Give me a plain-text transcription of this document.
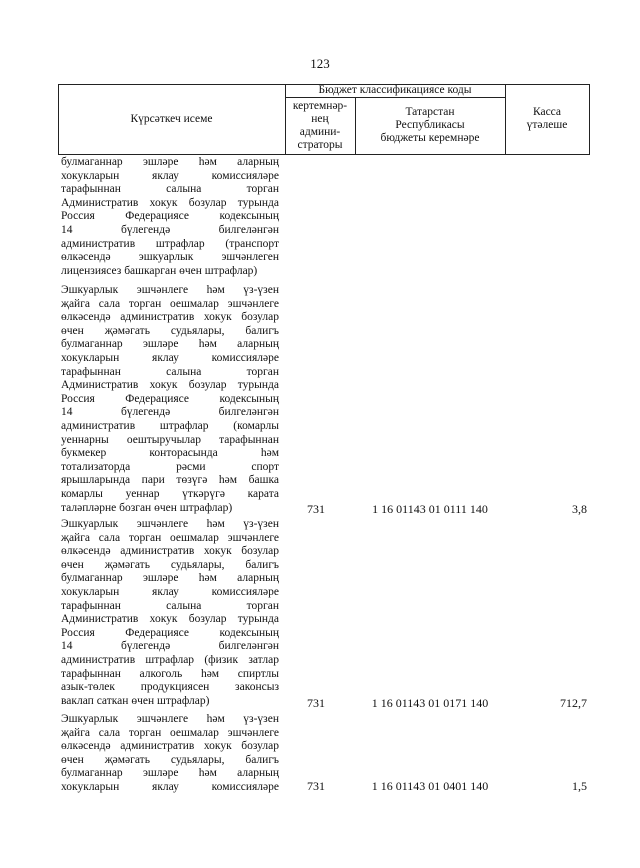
123
Күрсәткеч исеме
Бюджет классификациясе коды
кертемнәр-
нең
админи-
страторы
Татарстан
Республикасы
бюджеты керемнәре
Касса
үтәлеше
булмаганнар эшләре һәм аларның
хокукларын яклау комиссияләре
тарафыннан салына торган
Административ хокук бозулар турында
Россия Федерациясе кодексының
14 бүлегендә билгеләнгән
административ штрафлар (транспорт
өлкәсендә эшкуарлык эшчәнлеген
лицензиясез башкарган өчен штрафлар)
Эшкуарлык эшчәнлеге һәм үз-үзен
җайга сала торган оешмалар эшчәнлеге
өлкәсендә административ хокук бозулар
өчен җәмәгать судьялары, балигъ
булмаганнар эшләре һәм аларның
хокукларын яклау комиссияләре
тарафыннан салына торган
Административ хокук бозулар турында
Россия Федерациясе кодексының
14 бүлегендә билгеләнгән
административ штрафлар (комарлы
уеннарны оештыручылар тарафыннан
букмекер конторасында һәм
тотализаторда рәсми спорт
ярышларында пари төзүгә һәм башка
комарлы уеннар үткәрүгә карата
таләпләрне бозган өчен штрафлар)	731	1 16 01143 01 0111 140	3,8
Эшкуарлык эшчәнлеге һәм үз-үзен
җайга сала торган оешмалар эшчәнлеге
өлкәсендә административ хокук бозулар
өчен җәмәгать судьялары, балигъ
булмаганнар эшләре һәм аларның
хокукларын яклау комиссияләре
тарафыннан салына торган
Административ хокук бозулар турында
Россия Федерациясе кодексының
14 бүлегендә билгеләнгән
административ штрафлар (физик затлар
тарафыннан алкоголь һәм спиртлы
азык-төлек продукциясен законсыз
ваклап саткан өчен штрафлар)	731	1 16 01143 01 0171 140	712,7
Эшкуарлык эшчәнлеге һәм үз-үзен
җайга сала торган оешмалар эшчәнлеге
өлкәсендә административ хокук бозулар
өчен җәмәгать судьялары, балигъ
булмаганнар эшләре һәм аларның
хокукларын яклау комиссияләре	731	1 16 01143 01 0401 140	1,5
